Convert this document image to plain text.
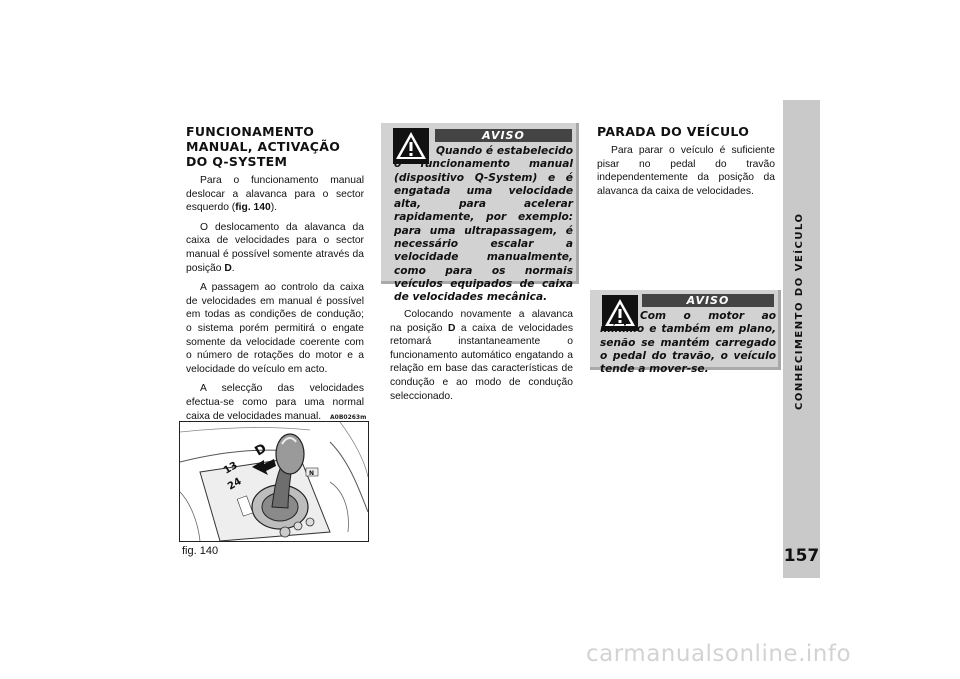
FUNCIONAMENTO MANUAL, ACTIVAÇÃO DO Q-SYSTEM

Para o funcionamento manual deslocar a alavanca para o sector esquerdo (fig. 140).

O deslocamento da alavanca da caixa de velocidades para o sector manual é possível somente através da posição D.

A passagem ao controlo da caixa de velocidades em manual é possível em todas as condições de condução; o sistema porém permitirá o engate somente da velocidade coerente com o número de rotações do motor e a velocidade do veículo em acto.

A selecção das velocidades efectua-se como para uma normal caixa de velocidades manual.	A0B0263m
D
13
24
N
fig. 140
AVISO
Quando é estabelecido o funcionamento manual (dispositivo Q-System) e é engatada uma velocidade alta, para acelerar rapidamente, por exemplo: para uma ultrapassagem, é necessário escalar a velocidade manualmente, como para os normais veículos equipados de caixa de velocidades mecânica.

Colocando novamente a alavanca na posição D a caixa de velocidades retomará instantaneamente o funcionamento automático engatando a relação em base das características de condução e ao modo de condução seleccionado.

PARADA DO VEÍCULO

Para parar o veículo é suficiente pisar no pedal do travão independentemente da posição da alavanca da caixa de velocidades.

AVISO
Com o motor ao mínimo e também em plano, senão se mantém carregado o pedal do travão, o veículo tende a mover-se.	CONHECIMENTO DO VEÍCULO
157
carmanualsonline.info
